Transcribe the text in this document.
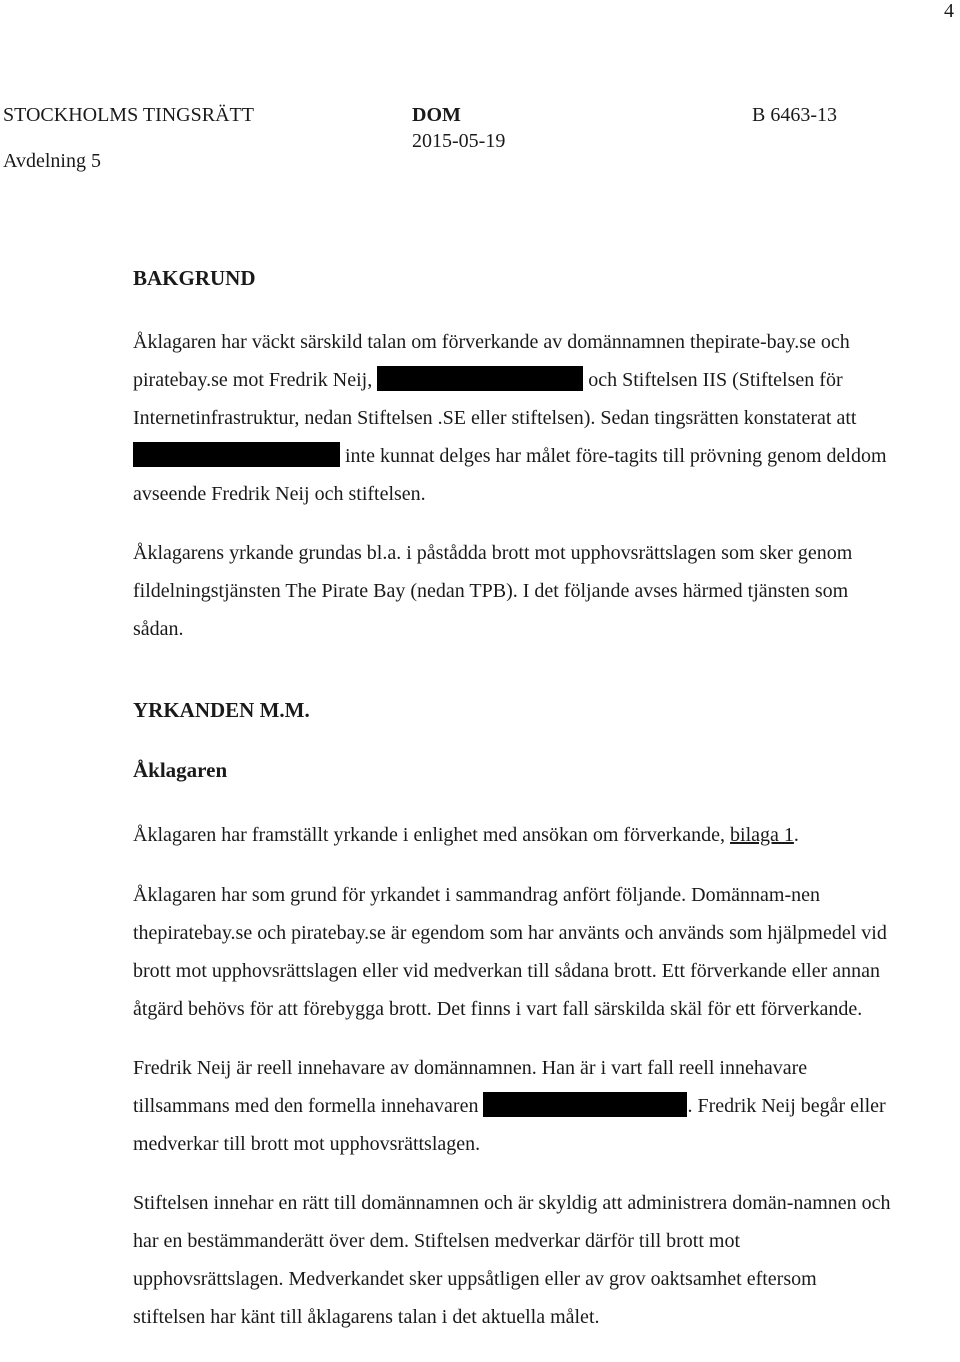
4
STOCKHOLMS TINGSRÄTT
Avdelning 5
DOM
2015-05-19
B 6463-13
BAKGRUND

Åklagaren har väckt särskild talan om förverkande av domännamnen thepirate-bay.se och piratebay.se mot Fredrik Neij,	och Stiftelsen IIS (Stiftelsen för Internetinfrastruktur, nedan Stiftelsen .SE eller stiftelsen). Sedan tingsrätten konstaterat att  inte kunnat delges har målet före-tagits till prövning genom deldom avseende Fredrik Neij och stiftelsen.

Åklagarens yrkande grundas bl.a. i påstådda brott mot upphovsrättslagen som sker genom fildelningstjänsten The Pirate Bay (nedan TPB). I det följande avses härmed tjänsten som sådan.

YRKANDEN M.M.
Åklagaren

Åklagaren har framställt yrkande i enlighet med ansökan om förverkande, bilaga 1.

Åklagaren har som grund för yrkandet i sammandrag anfört följande. Domännam-nen thepiratebay.se och piratebay.se är egendom som har använts och används som hjälpmedel vid brott mot upphovsrättslagen eller vid medverkan till sådana brott. Ett förverkande eller annan åtgärd behövs för att förebygga brott. Det finns i vart fall särskilda skäl för ett förverkande.

Fredrik Neij är reell innehavare av domännamnen. Han är i vart fall reell innehavare tillsammans med den formella innehavaren	. Fredrik Neij begår eller medverkar till brott mot upphovsrättslagen.

Stiftelsen innehar en rätt till domännamnen och är skyldig att administrera domän-namnen och har en bestämmanderätt över dem. Stiftelsen medverkar därför till brott mot upphovsrättslagen. Medverkandet sker uppsåtligen eller av grov oaktsamhet eftersom stiftelsen har känt till åklagarens talan i det aktuella målet.
